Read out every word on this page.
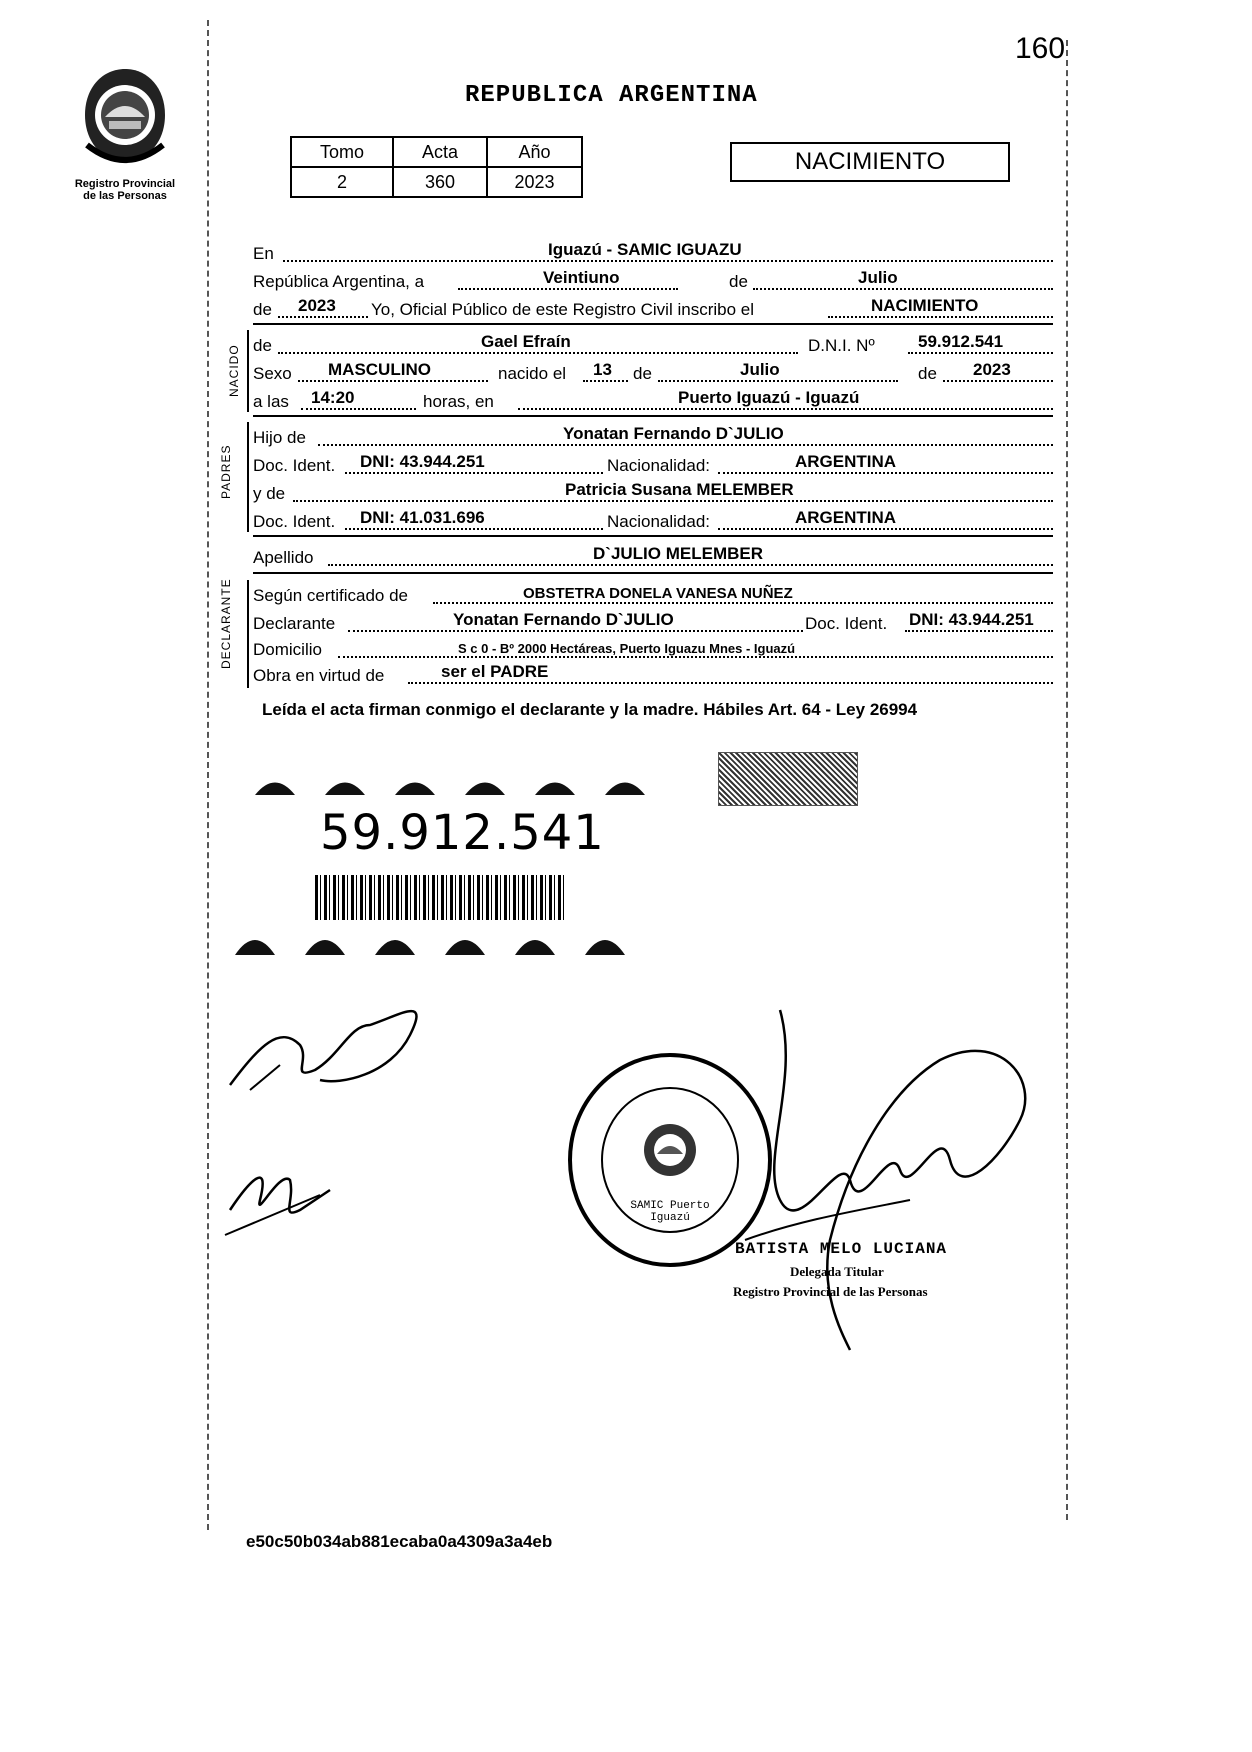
160
Registro Provincial
de las Personas
REPUBLICA ARGENTINA
Tomo	Acta	Año
2	360	2023
NACIMIENTO
En	Iguazú - SAMIC IGUAZU
República Argentina, a	Veintiuno	de	Julio
de 2023 Yo, Oficial Público de este Registro Civil inscribo el	NACIMIENTO
NACIDO de	Gael Efraín	D.N.I. Nº	59.912.541
Sexo MASCULINO	nacido el 13 de	Julio	de 2023
a las 14:20	horas, en	Puerto Iguazú - Iguazú
PADRES
Hijo de	Yonatan Fernando D`JULIO
Doc. Ident. DNI: 43.944.251	Nacionalidad:	ARGENTINA
y de	Patricia Susana MELEMBER
Doc. Ident. DNI: 41.031.696	Nacionalidad:	ARGENTINA
Apellido	D`JULIO MELEMBER
DECLARANTE Según certificado de	OBSTETRA DONELA VANESA NUÑEZ
Declarante	Yonatan Fernando D`JULIO	Doc. Ident. DNI: 43.944.251
Domicilio	S c 0 - Bº 2000 Hectáreas, Puerto Iguazu Mnes - Iguazú
Obra en virtud de	ser el PADRE
Leída el acta firman conmigo el declarante y la madre. Hábiles Art. 64 - Ley 26994
59.912.541
SAMIC Puerto Iguazú
BATISTA MELO LUCIANA
Delegada Titular
Registro Provincial de las Personas
e50c50b034ab881ecaba0a4309a3a4eb
